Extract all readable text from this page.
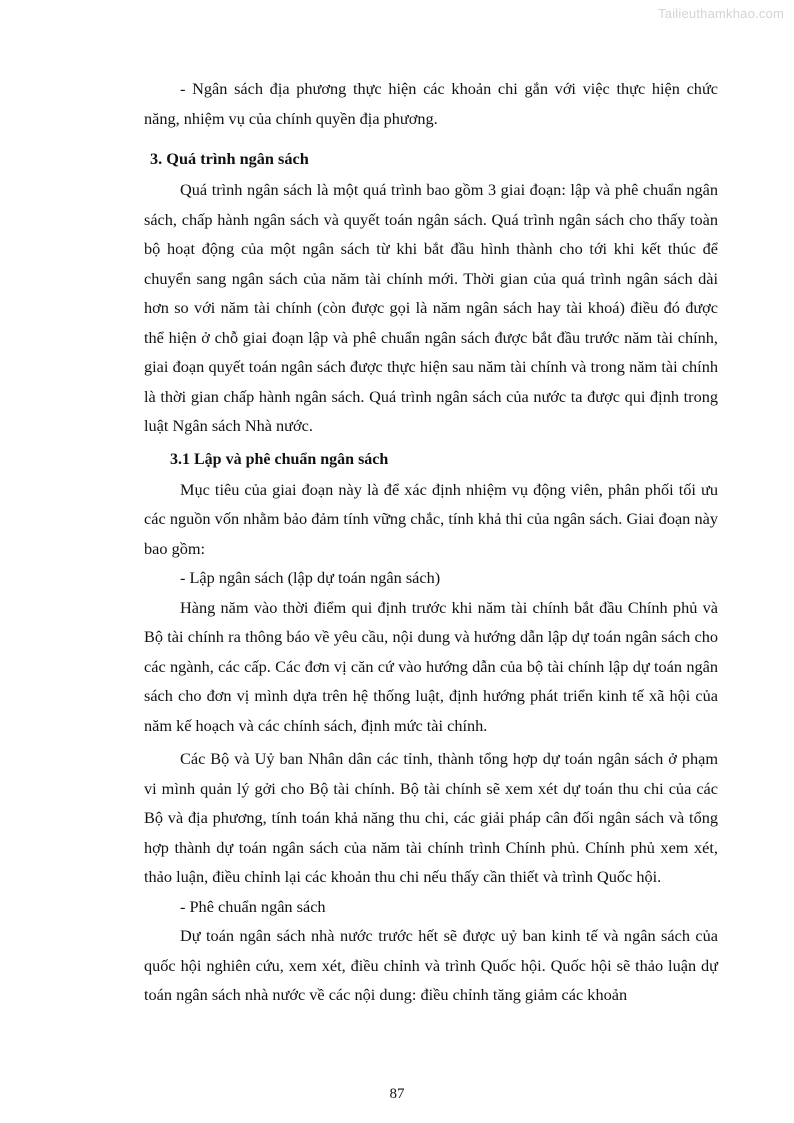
Tailieuthamkhao.com

- Ngân sách địa phương thực hiện các khoản chi gắn với việc thực hiện chức năng, nhiệm vụ của chính quyền địa phương.

3. Quá trình ngân sách

Quá trình ngân sách là một quá trình bao gồm 3 giai đoạn: lập và phê chuẩn ngân sách, chấp hành ngân sách và quyết toán ngân sách. Quá trình ngân sách cho thấy toàn bộ hoạt động của một ngân sách từ khi bắt đầu hình thành cho tới khi kết thúc để chuyển sang ngân sách của năm tài chính mới. Thời gian của quá trình ngân sách dài hơn so với năm tài chính (còn được gọi là năm ngân sách hay tài khoá) điều đó được thể hiện ở chỗ giai đoạn lập và phê chuẩn ngân sách được bắt đầu trước năm tài chính, giai đoạn quyết toán ngân sách được thực hiện sau năm tài chính và trong năm tài chính là thời gian chấp hành ngân sách. Quá trình ngân sách của nước ta được qui định trong luật Ngân sách Nhà nước.

3.1 Lập và phê chuẩn ngân sách

Mục tiêu của giai đoạn này là để xác định nhiệm vụ động viên, phân phối tối ưu các nguồn vốn nhằm bảo đảm tính vững chắc, tính khả thi của ngân sách. Giai đoạn này bao gồm:

- Lập ngân sách (lập dự toán ngân sách)

Hàng năm vào thời điểm qui định trước khi năm tài chính bắt đầu Chính phủ và Bộ tài chính ra thông báo về yêu cầu, nội dung và hướng dẫn lập dự toán ngân sách cho các ngành, các cấp. Các đơn vị căn cứ vào hướng dẫn của bộ tài chính lập dự toán ngân sách cho đơn vị mình dựa trên hệ thống luật, định hướng phát triển kinh tế xã hội của năm kế hoạch và các chính sách, định mức tài chính.

Các Bộ và Uỷ ban Nhân dân các tỉnh, thành tổng hợp dự toán ngân sách ở phạm vi mình quản lý gởi cho Bộ tài chính. Bộ tài chính sẽ xem xét dự toán thu chi của các Bộ và địa phương, tính toán khả năng thu chi, các giải pháp cân đối ngân sách và tổng hợp thành dự toán ngân sách của năm tài chính trình Chính phủ. Chính phủ xem xét, thảo luận, điều chỉnh lại các khoản thu chi nếu thấy cần thiết và trình Quốc hội.

- Phê chuẩn ngân sách

Dự toán ngân sách nhà nước trước hết sẽ được uỷ ban kinh tế và ngân sách của quốc hội nghiên cứu, xem xét, điều chỉnh và trình Quốc hội. Quốc hội sẽ thảo luận dự toán ngân sách nhà nước về các nội dung: điều chỉnh tăng giảm các khoản

87
